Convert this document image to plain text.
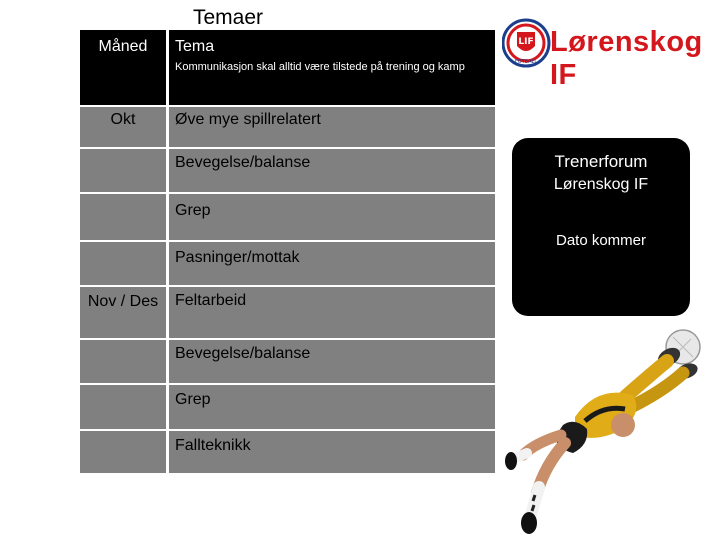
Temaer
Måned	Tema
Kommunikasjon skal alltid være tilstede på trening og kamp

Okt	Øve mye spillrelatert
	Bevegelse/balanse
	Grep
	Pasninger/mottak
Nov / Des	Feltarbeid
	Bevegelse/balanse
	Grep
	Fallteknikk
LIF
FOTBALL
Lørenskog IF
Trenerforum
Lørenskog IF
Dato kommer
